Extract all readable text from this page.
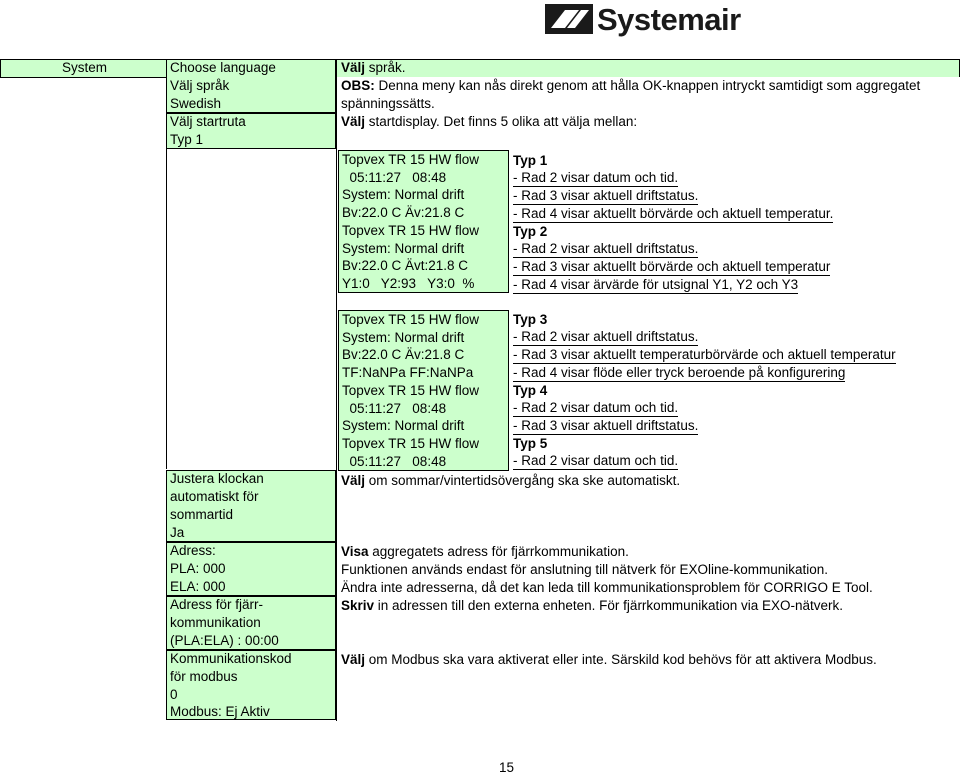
Systemair
System	Choose language
Välj språk
Swedish
Välj startruta
Typ 1
Justera klockan
automatiskt för
sommartid
Ja
Adress:
PLA: 000
ELA: 000
Adress för fjärr-
kommunikation
(PLA:ELA) : 00:00
Kommunikationskod
för modbus
0
Modbus: Ej Aktiv
Välj språk.
OBS: Denna meny kan nås direkt genom att hålla OK-knappen intryckt samtidigt som aggregatet
spänningssätts.
Välj startdisplay. Det finns 5 olika att välja mellan:
Topvex TR 15 HW flow
05:11:27   08:48
System: Normal drift
Bv:22.0 C Äv:21.8 C
Topvex TR 15 HW flow
System: Normal drift
Bv:22.0 C Ävt:21.8 C
Y1:0   Y2:93   Y3:0  %
Topvex TR 15 HW flow
System: Normal drift
Bv:22.0 C Äv:21.8 C
TF:NaNPa FF:NaNPa
Topvex TR 15 HW flow
05:11:27   08:48
System: Normal drift
Topvex TR 15 HW flow
05:11:27   08:48
Typ 1
- Rad 2 visar datum och tid.
- Rad 3 visar aktuell driftstatus.
- Rad 4 visar aktuellt börvärde och aktuell temperatur.
Typ 2
- Rad 2 visar aktuell driftstatus.
- Rad 3 visar aktuellt börvärde och aktuell temperatur
- Rad 4 visar ärvärde för utsignal Y1, Y2 och Y3
Typ 3
- Rad 2 visar aktuell driftstatus.
- Rad 3 visar aktuellt temperaturbörvärde och aktuell temperatur
- Rad 4 visar flöde eller tryck beroende på konfigurering
Typ 4
- Rad 2 visar datum och tid.
- Rad 3 visar aktuell driftstatus.
Typ 5
- Rad 2 visar datum och tid.
Välj om sommar/vintertidsövergång ska ske automatiskt.
Visa aggregatets adress för fjärrkommunikation.
Funktionen används endast för anslutning till nätverk för EXOline-kommunikation.
Ändra inte adresserna, då det kan leda till kommunikationsproblem för CORRIGO E Tool.
Skriv in adressen till den externa enheten. För fjärrkommunikation via EXO-nätverk.
Välj om Modbus ska vara aktiverat eller inte. Särskild kod behövs för att aktivera Modbus.
15
